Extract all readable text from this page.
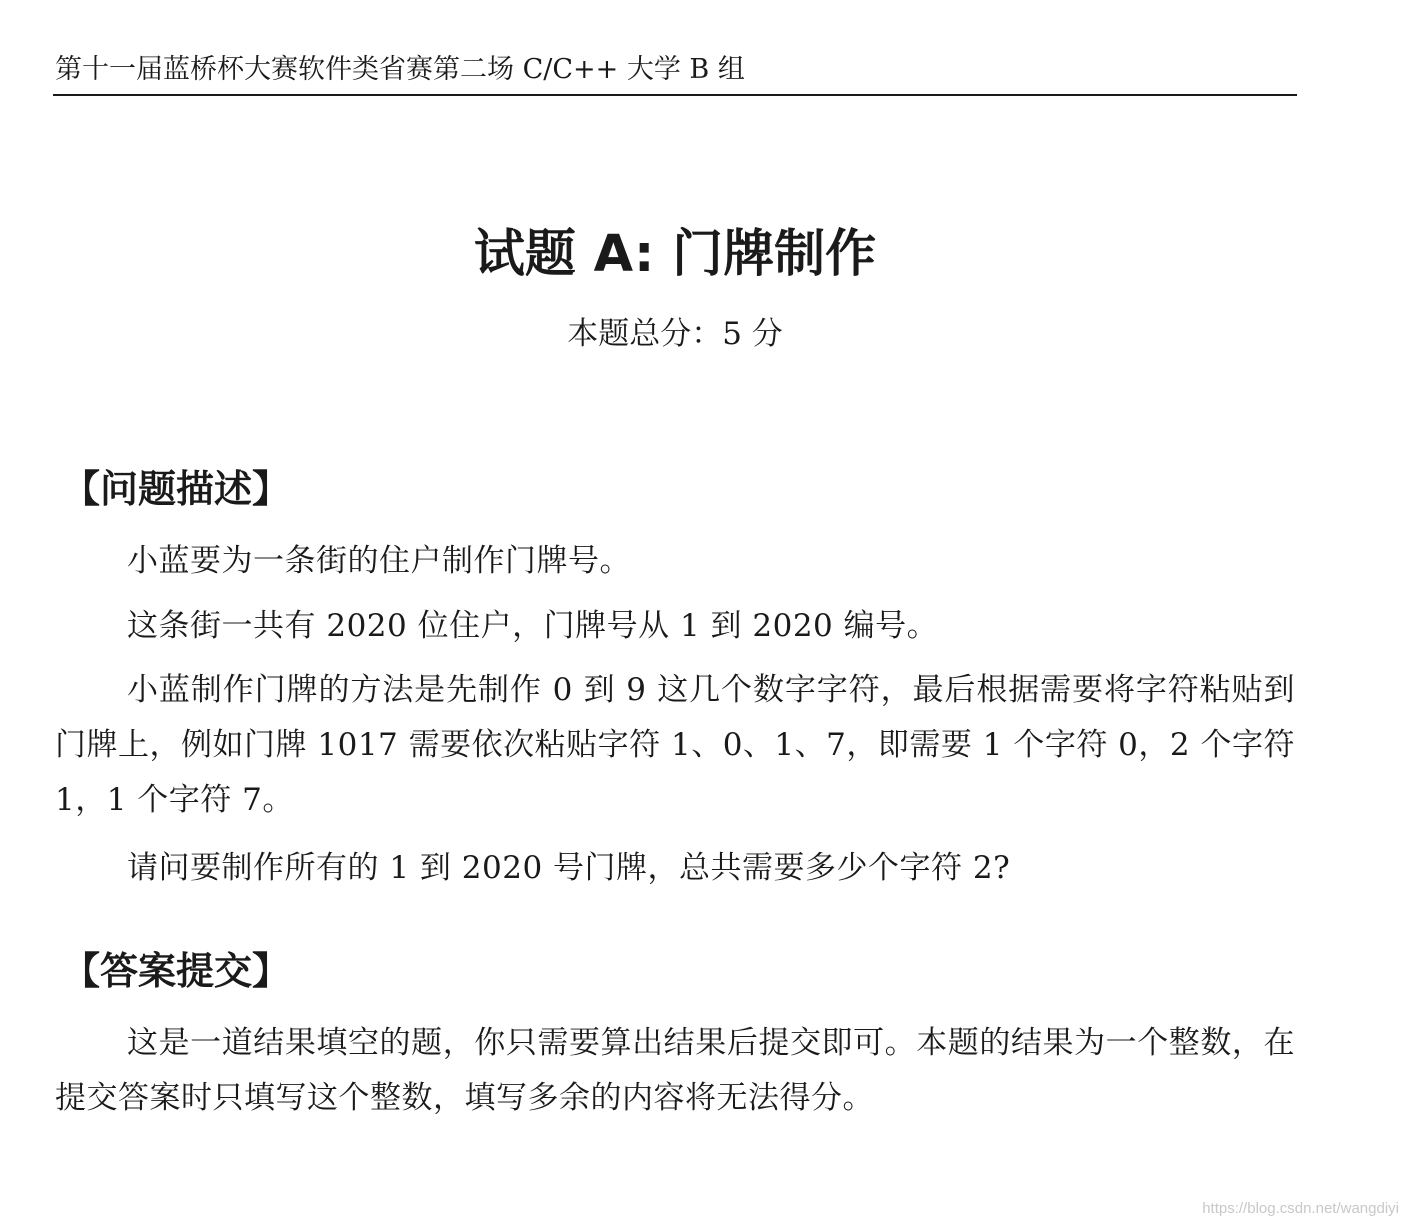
第十一届蓝桥杯大赛软件类省赛第二场 C/C++ 大学 B 组
试题 A: 门牌制作
本题总分：5 分
【问题描述】
小蓝要为一条街的住户制作门牌号。
这条街一共有 2020 位住户，门牌号从 1 到 2020 编号。
小蓝制作门牌的方法是先制作 0 到 9 这几个数字字符，最后根据需要将字符粘贴到门牌上，例如门牌 1017 需要依次粘贴字符 1、0、1、7，即需要 1 个字符 0，2 个字符 1，1 个字符 7。
请问要制作所有的 1 到 2020 号门牌，总共需要多少个字符 2?
【答案提交】
这是一道结果填空的题，你只需要算出结果后提交即可。本题的结果为一个整数，在提交答案时只填写这个整数，填写多余的内容将无法得分。
https://blog.csdn.net/wangdiyi
